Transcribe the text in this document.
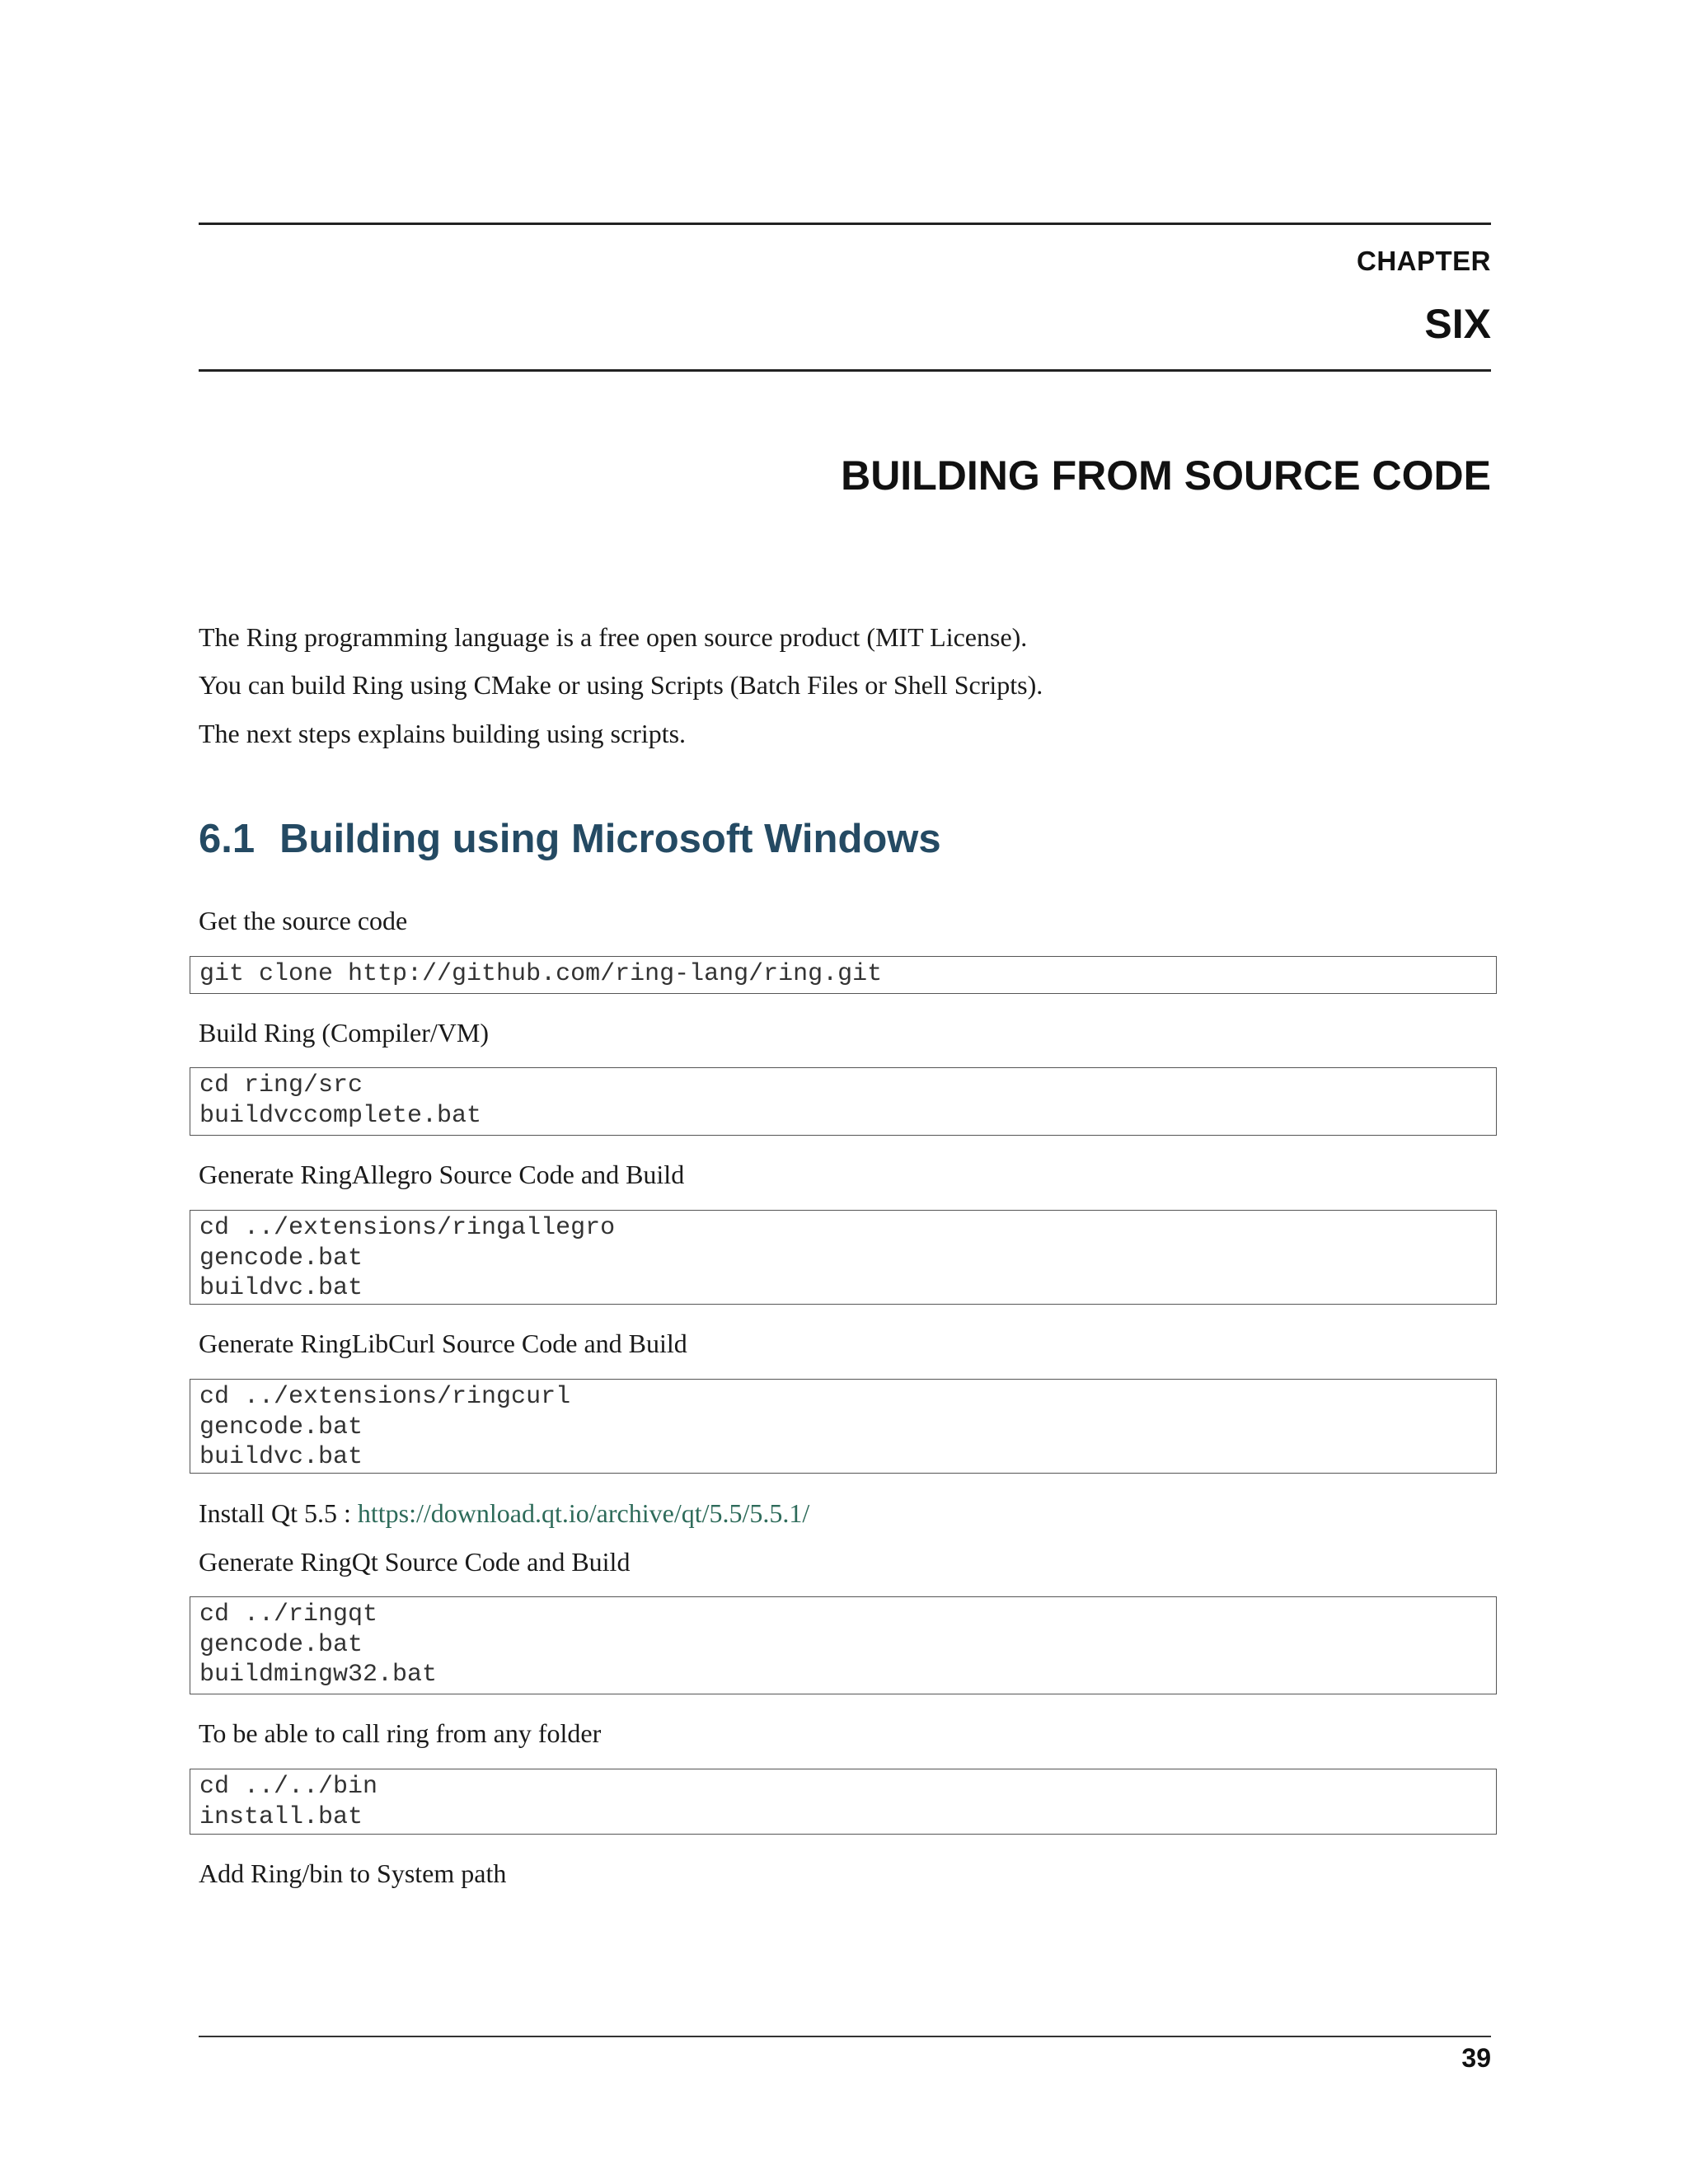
CHAPTER
SIX
BUILDING FROM SOURCE CODE
The Ring programming language is a free open source product (MIT License).
You can build Ring using CMake or using Scripts (Batch Files or Shell Scripts).
The next steps explains building using scripts.
6.1 Building using Microsoft Windows
Get the source code
git clone http://github.com/ring-lang/ring.git
Build Ring (Compiler/VM)
cd ring/src
buildvccomplete.bat
Generate RingAllegro Source Code and Build
cd ../extensions/ringallegro
gencode.bat
buildvc.bat
Generate RingLibCurl Source Code and Build
cd ../extensions/ringcurl
gencode.bat
buildvc.bat
Install Qt 5.5 : https://download.qt.io/archive/qt/5.5/5.5.1/
Generate RingQt Source Code and Build
cd ../ringqt
gencode.bat
buildmingw32.bat
To be able to call ring from any folder
cd ../../bin
install.bat
Add Ring/bin to System path
39
